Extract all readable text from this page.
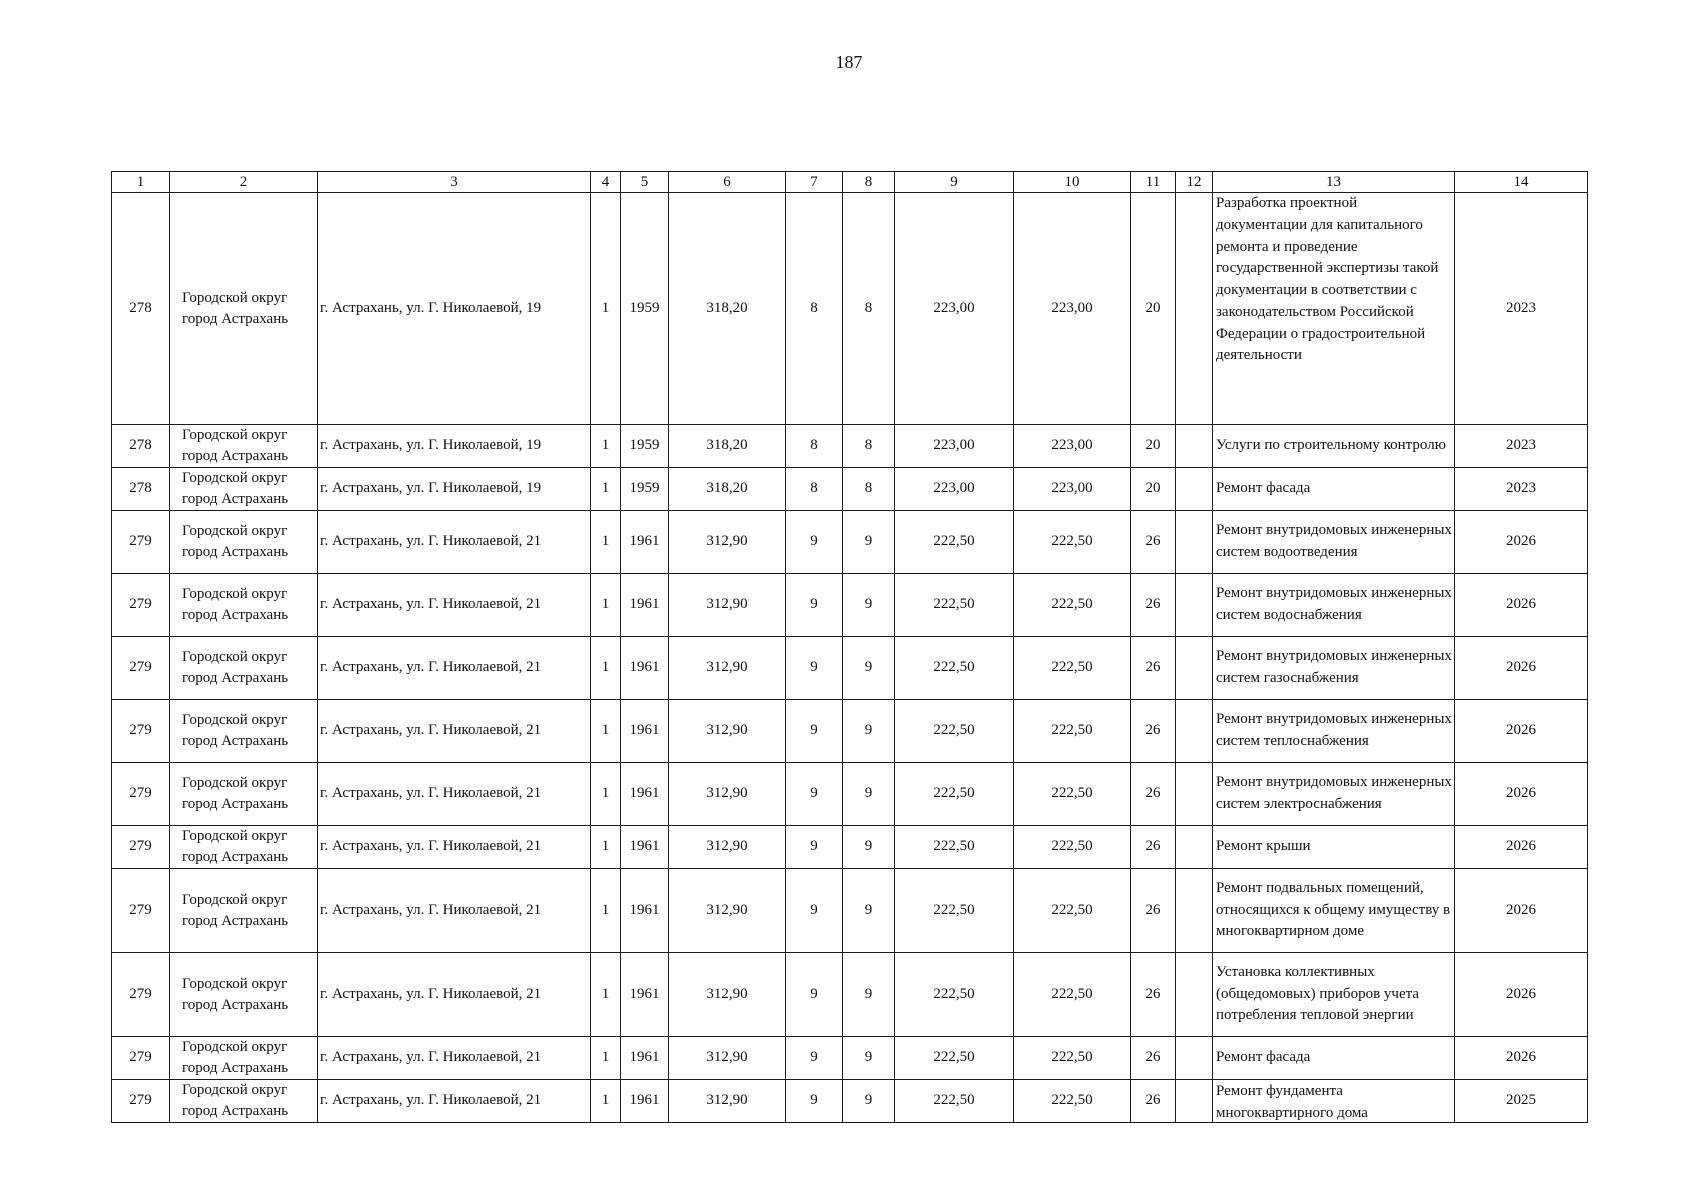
187
1	2	3	4	5	6	7	8	9	10	11	12	13	14
278	Городской округ город Астрахань	г. Астрахань, ул. Г. Николаевой, 19	1	1959	318,20	8	8	223,00	223,00	20		Разработка проектной документации для капитального ремонта и проведение государственной экспертизы такой документации в соответствии с законодательством Российской Федерации о градостроительной деятельности	2023
278	Городской округ город Астрахань	г. Астрахань, ул. Г. Николаевой, 19	1	1959	318,20	8	8	223,00	223,00	20		Услуги по строительному контролю	2023
278	Городской округ город Астрахань	г. Астрахань, ул. Г. Николаевой, 19	1	1959	318,20	8	8	223,00	223,00	20		Ремонт фасада	2023
279	Городской округ город Астрахань	г. Астрахань, ул. Г. Николаевой, 21	1	1961	312,90	9	9	222,50	222,50	26		Ремонт внутридомовых инженерных систем водоотведения	2026
279	Городской округ город Астрахань	г. Астрахань, ул. Г. Николаевой, 21	1	1961	312,90	9	9	222,50	222,50	26		Ремонт внутридомовых инженерных систем водоснабжения	2026
279	Городской округ город Астрахань	г. Астрахань, ул. Г. Николаевой, 21	1	1961	312,90	9	9	222,50	222,50	26		Ремонт внутридомовых инженерных систем газоснабжения	2026
279	Городской округ город Астрахань	г. Астрахань, ул. Г. Николаевой, 21	1	1961	312,90	9	9	222,50	222,50	26		Ремонт внутридомовых инженерных систем теплоснабжения	2026
279	Городской округ город Астрахань	г. Астрахань, ул. Г. Николаевой, 21	1	1961	312,90	9	9	222,50	222,50	26		Ремонт внутридомовых инженерных систем электроснабжения	2026
279	Городской округ город Астрахань	г. Астрахань, ул. Г. Николаевой, 21	1	1961	312,90	9	9	222,50	222,50	26		Ремонт крыши	2026
279	Городской округ город Астрахань	г. Астрахань, ул. Г. Николаевой, 21	1	1961	312,90	9	9	222,50	222,50	26		Ремонт подвальных помещений, относящихся к общему имуществу в многоквартирном доме	2026
279	Городской округ город Астрахань	г. Астрахань, ул. Г. Николаевой, 21	1	1961	312,90	9	9	222,50	222,50	26		Установка коллективных (общедомовых) приборов учета потребления тепловой энергии	2026
279	Городской округ город Астрахань	г. Астрахань, ул. Г. Николаевой, 21	1	1961	312,90	9	9	222,50	222,50	26		Ремонт фасада	2026
279	Городской округ город Астрахань	г. Астрахань, ул. Г. Николаевой, 21	1	1961	312,90	9	9	222,50	222,50	26		Ремонт фундамента многоквартирного дома	2025
